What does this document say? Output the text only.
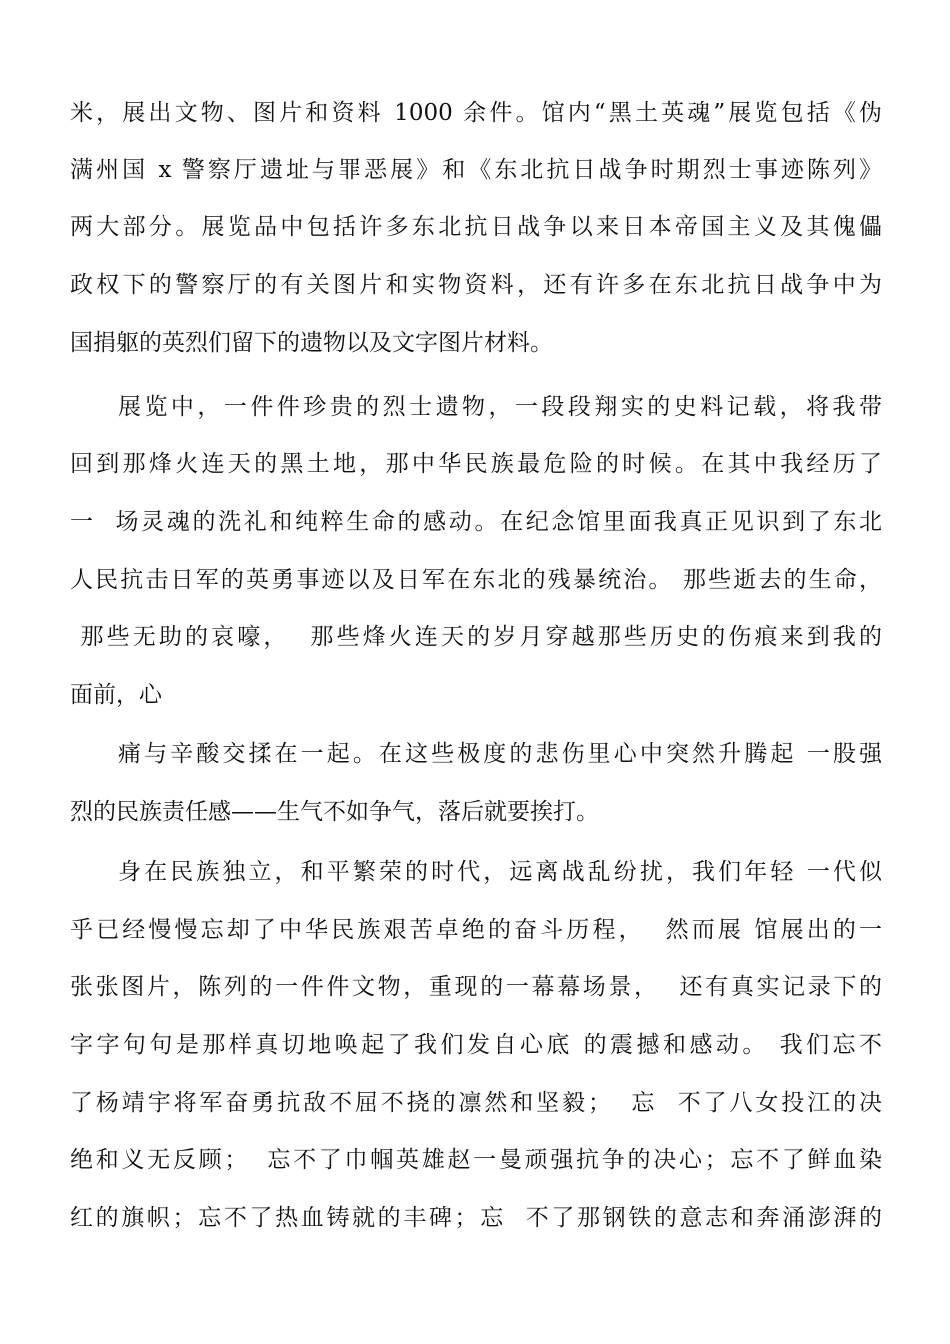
米，展出文物、图片和资料 1000 余件。馆内“黑土英魂”展览包括《伪
满州国 x 警察厅遗址与罪恶展》和《东北抗日战争时期烈士事迹陈列》
两大部分。展览品中包括许多东北抗日战争以来日本帝国主义及其傀儡
政权下的警察厅的有关图片和实物资料，还有许多在东北抗日战争中为
国捐躯的英烈们留下的遗物以及文字图片材料。
展览中，一件件珍贵的烈士遗物，一段段翔实的史料记载，将我带
回到那烽火连天的黑土地，那中华民族最危险的时候。在其中我经历了
一  场灵魂的洗礼和纯粹生命的感动。在纪念馆里面我真正见识到了东北
人民抗击日军的英勇事迹以及日军在东北的残暴统治。 那些逝去的生命，
那些无助的哀嚎，  那些烽火连天的岁月穿越那些历史的伤痕来到我的
面前，心
痛与辛酸交揉在一起。在这些极度的悲伤里心中突然升腾起 一股强
烈的民族责任感——生气不如争气，落后就要挨打。
身在民族独立，和平繁荣的时代，远离战乱纷扰，我们年轻 一代似
乎已经慢慢忘却了中华民族艰苦卓绝的奋斗历程，  然而展 馆展出的一
张张图片，陈列的一件件文物，重现的一幕幕场景，  还有真实记录下的
字字句句是那样真切地唤起了我们发自心底 的震撼和感动。 我们忘不
了杨靖宇将军奋勇抗敌不屈不挠的凛然和坚毅；  忘  不了八女投江的决
绝和义无反顾；  忘不了巾帼英雄赵一曼顽强抗争的决心；忘不了鲜血染
红的旗帜；忘不了热血铸就的丰碑；忘  不了那钢铁的意志和奔涌澎湃的
